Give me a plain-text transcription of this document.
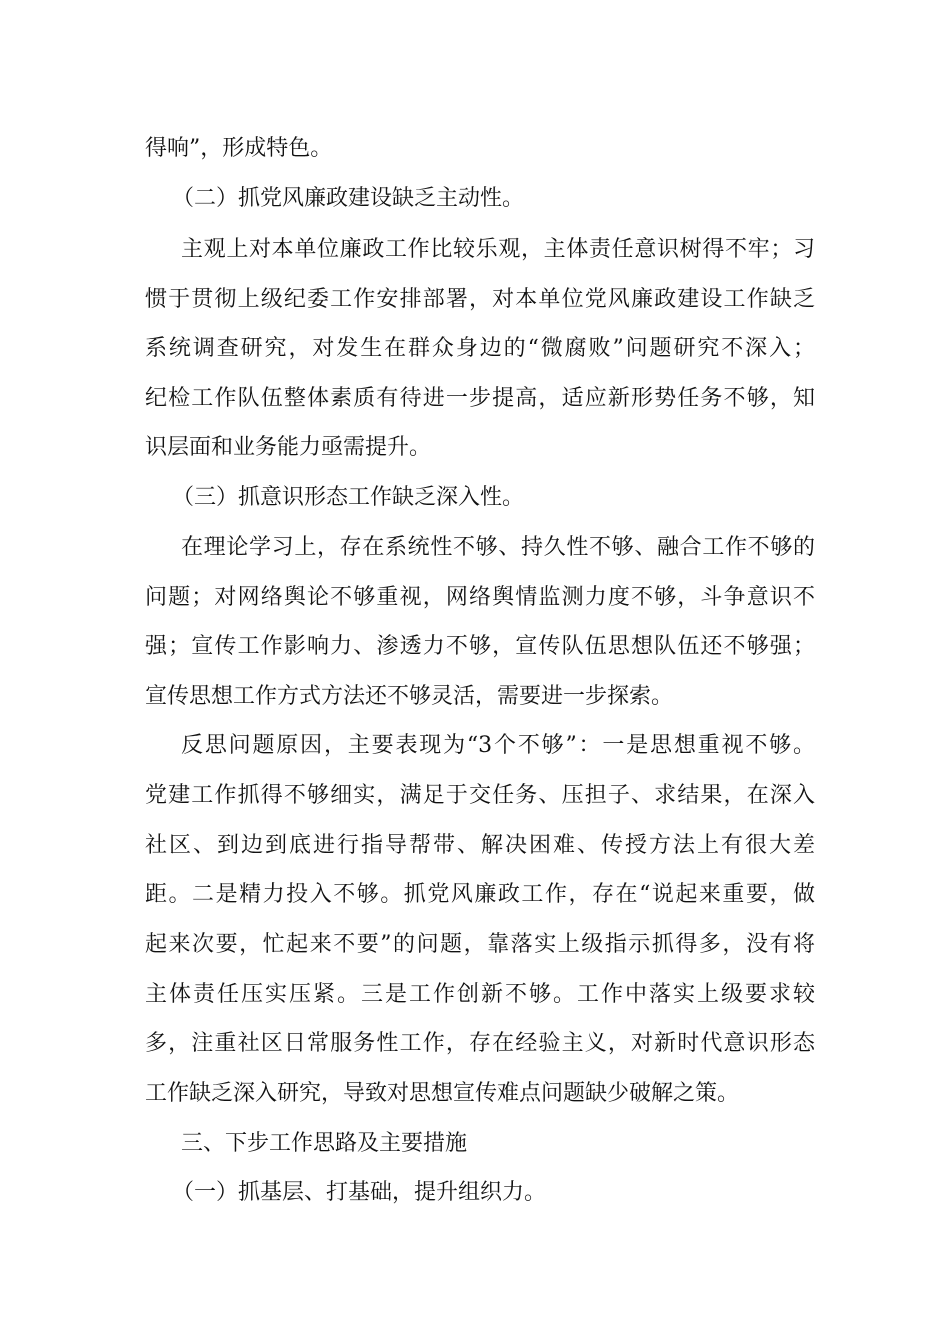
得响”，形成特色。
（二）抓党风廉政建设缺乏主动性。
主观上对本单位廉政工作比较乐观，主体责任意识树得不牢；习
惯于贯彻上级纪委工作安排部署，对本单位党风廉政建设工作缺乏
系统调查研究，对发生在群众身边的“微腐败”问题研究不深入；
纪检工作队伍整体素质有待进一步提高，适应新形势任务不够，知
识层面和业务能力亟需提升。
（三）抓意识形态工作缺乏深入性。
在理论学习上，存在系统性不够、持久性不够、融合工作不够的
问题；对网络舆论不够重视，网络舆情监测力度不够，斗争意识不
强；宣传工作影响力、渗透力不够，宣传队伍思想队伍还不够强；
宣传思想工作方式方法还不够灵活，需要进一步探索。
反思问题原因，主要表现为“3个不够”：一是思想重视不够。
党建工作抓得不够细实，满足于交任务、压担子、求结果，在深入
社区、到边到底进行指导帮带、解决困难、传授方法上有很大差
距。二是精力投入不够。抓党风廉政工作，存在“说起来重要，做
起来次要，忙起来不要”的问题，靠落实上级指示抓得多，没有将
主体责任压实压紧。三是工作创新不够。工作中落实上级要求较
多，注重社区日常服务性工作，存在经验主义，对新时代意识形态
工作缺乏深入研究，导致对思想宣传难点问题缺少破解之策。
三、下步工作思路及主要措施
（一）抓基层、打基础，提升组织力。
